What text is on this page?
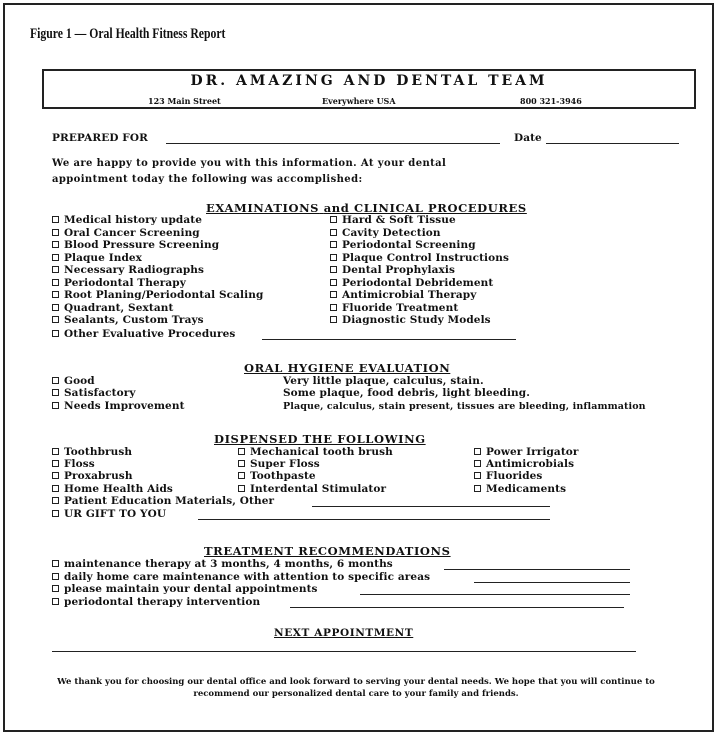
Figure 1 — Oral Health Fitness Report
DR. AMAZING AND DENTAL TEAM
123 Main Street	Everywhere USA	800 321-3946
PREPARED FOR	Date
We are happy to provide you with this information. At your dental
appointment today the following was accomplished:
EXAMINATIONS and CLINICAL PROCEDURES
Medical history update
Oral Cancer Screening
Blood Pressure Screening
Plaque Index
Necessary Radiographs
Periodontal Therapy
Root Planing/Periodontal Scaling
Quadrant, Sextant
Sealants, Custom Trays
Other Evaluative Procedures
Hard & Soft Tissue
Cavity Detection
Periodontal Screening
Plaque Control Instructions
Dental Prophylaxis
Periodontal Debridement
Antimicrobial Therapy
Fluoride Treatment
Diagnostic Study Models
ORAL HYGIENE EVALUATION
Good	Very little plaque, calculus, stain.
Satisfactory	Some plaque, food debris, light bleeding.
Needs Improvement	Plaque, calculus, stain present, tissues are bleeding, inflammation
DISPENSED THE FOLLOWING
Toothbrush
Floss
Proxabrush
Home Health Aids
Mechanical tooth brush
Super Floss
Toothpaste
Interdental Stimulator
Power Irrigator
Antimicrobials
Fluorides
Medicaments
Patient Education Materials, Other
UR GIFT TO YOU
TREATMENT RECOMMENDATIONS
maintenance therapy at 3 months, 4 months, 6 months
daily home care maintenance with attention to specific areas
please maintain your dental appointments
periodontal therapy intervention
NEXT APPOINTMENT
We thank you for choosing our dental office and look forward to serving your dental needs. We hope that you will continue to recommend our personalized dental care to your family and friends.
